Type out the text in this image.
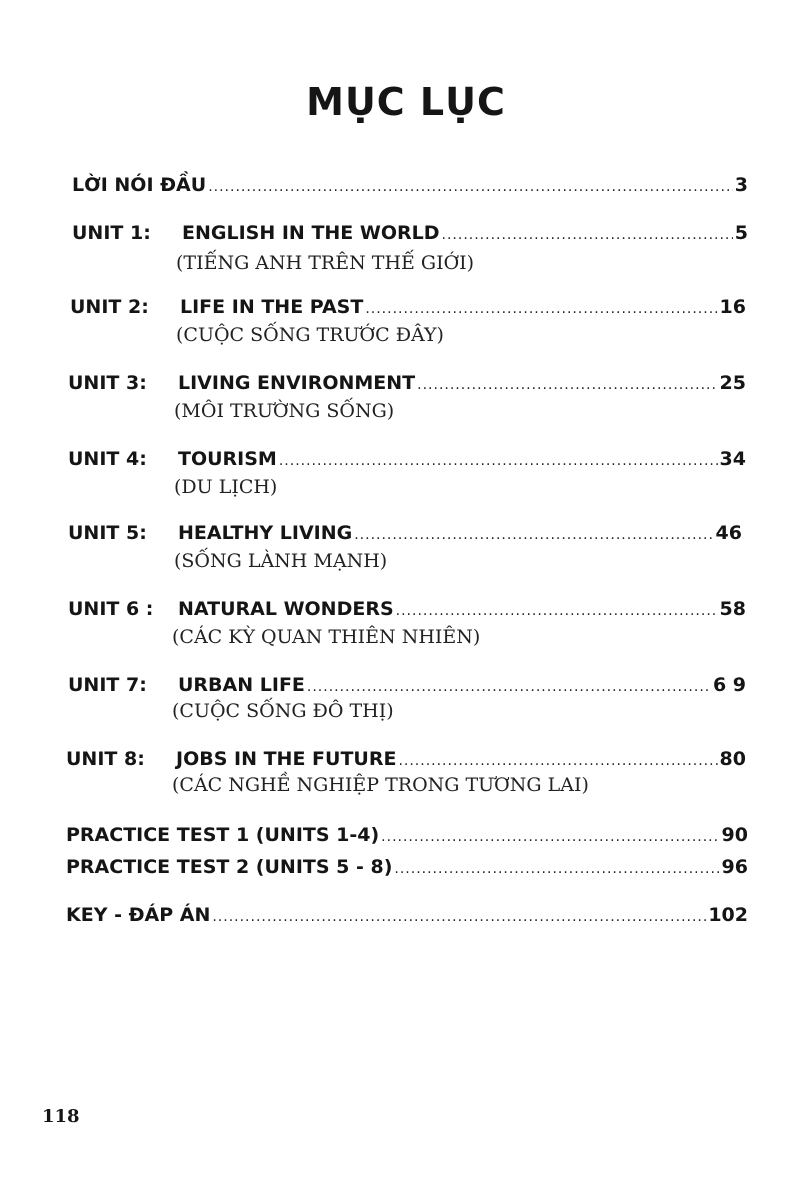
MỤC LỤC
LỜI NÓI ĐẦU .....	3
UNIT 1:	ENGLISH IN THE WORLD .....	5
(TIẾNG ANH TRÊN THẾ GIỚI)
UNIT 2:	LIFE IN THE PAST .....	16
(CUỘC SỐNG TRƯỚC ĐÂY)
UNIT 3:	LIVING ENVIRONMENT .....	25
(MÔI TRƯỜNG SỐNG)
UNIT 4:	TOURISM .....	34
(DU LỊCH)
UNIT 5:	HEALTHY LIVING .....	46
(SỐNG LÀNH MẠNH)
UNIT 6 :	NATURAL WONDERS .....	58
(CÁC KỲ QUAN THIÊN NHIÊN)
UNIT 7:	URBAN LIFE .....	6 9
(CUỘC SỐNG ĐÔ THỊ)
UNIT 8:	JOBS IN THE FUTURE .....	80
(CÁC NGHỀ NGHIỆP TRONG TƯƠNG LAI)
PRACTICE TEST 1 (UNITS 1-4) .....	90
PRACTICE TEST 2 (UNITS 5 - 8) .....	96
KEY - ĐÁP ÁN .....	102
118
